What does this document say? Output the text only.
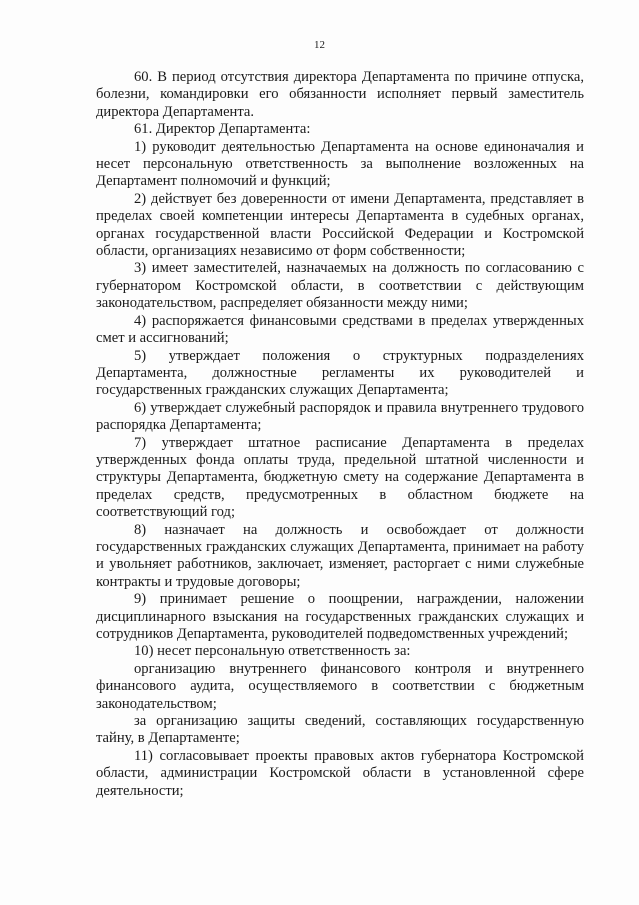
12

60. В период отсутствия директора Департамента по причине отпуска, болезни, командировки его обязанности исполняет первый заместитель директора Департамента.

61. Директор Департамента:

1) руководит деятельностью Департамента на основе единоначалия и несет персональную ответственность за выполнение возложенных на Департамент полномочий и функций;

2) действует без доверенности от имени Департамента, представляет в пределах своей компетенции интересы Департамента в судебных органах, органах государственной власти Российской Федерации и Костромской области, организациях независимо от форм собственности;

3) имеет заместителей, назначаемых на должность по согласованию с губернатором Костромской области, в соответствии с действующим законодательством, распределяет обязанности между ними;

4) распоряжается финансовыми средствами в пределах утвержденных смет и ассигнований;

5) утверждает положения о структурных подразделениях Департамента, должностные регламенты их руководителей и государственных гражданских служащих Департамента;

6) утверждает служебный распорядок и правила внутреннего трудового распорядка Департамента;

7) утверждает штатное расписание Департамента в пределах утвержденных фонда оплаты труда, предельной штатной численности и структуры Департамента, бюджетную смету на содержание Департамента в пределах средств, предусмотренных в областном бюджете на соответствующий год;

8) назначает на должность и освобождает от должности государственных гражданских служащих Департамента, принимает на работу и увольняет работников, заключает, изменяет, расторгает с ними служебные контракты и трудовые договоры;

9) принимает решение о поощрении, награждении, наложении дисциплинарного взыскания на государственных гражданских служащих и сотрудников Департамента, руководителей подведомственных учреждений;

10) несет персональную ответственность за:

организацию внутреннего финансового контроля и внутреннего финансового аудита, осуществляемого в соответствии с бюджетным законодательством;

за организацию защиты сведений, составляющих государственную тайну, в Департаменте;

11) согласовывает проекты правовых актов губернатора Костромской области, администрации Костромской области в установленной сфере деятельности;
